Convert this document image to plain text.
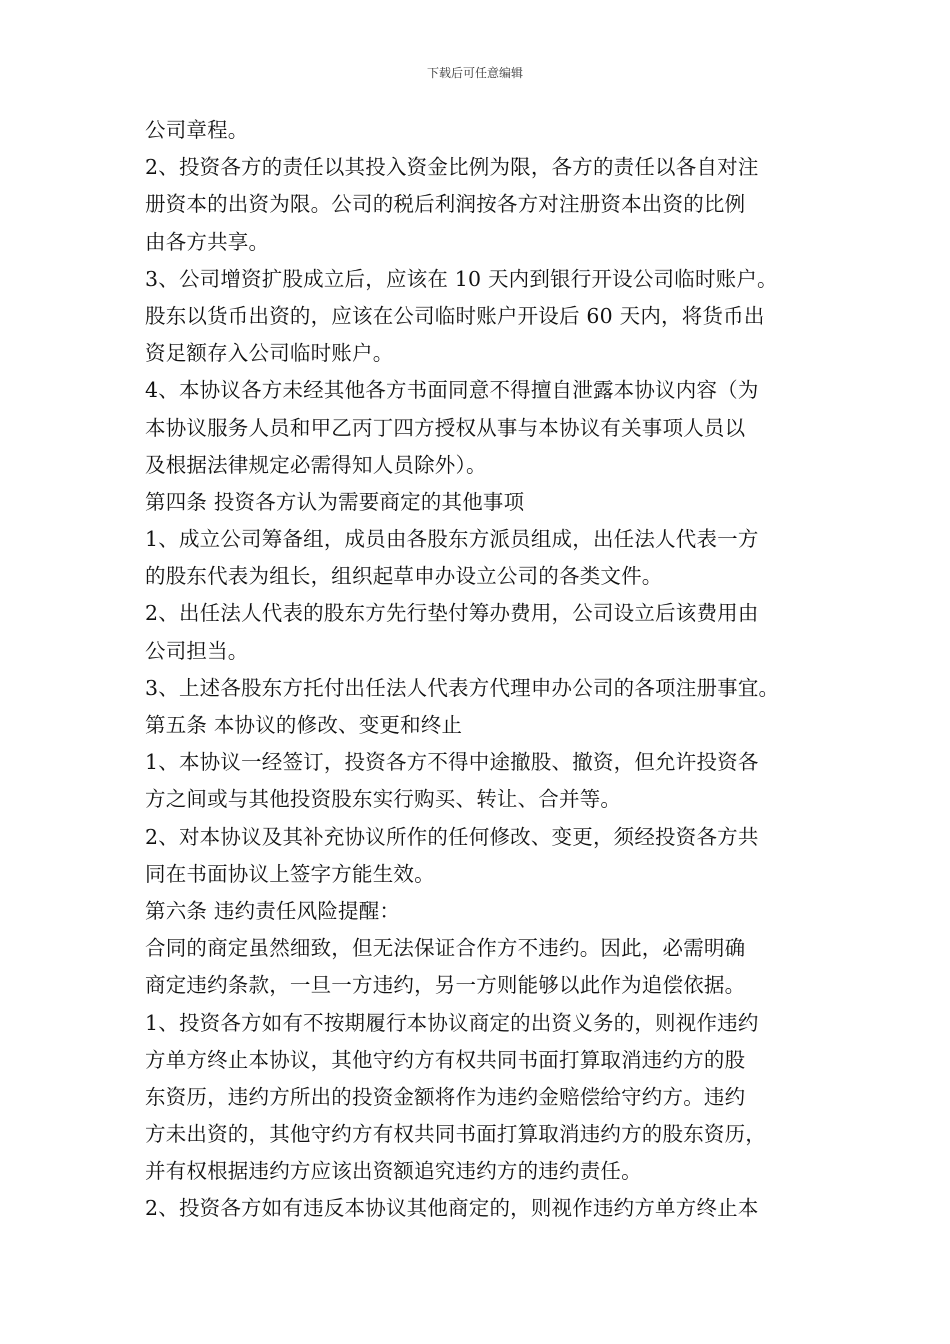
下载后可任意编辑
公司章程。
2、投资各方的责任以其投入资金比例为限，各方的责任以各自对注
册资本的出资为限。公司的税后利润按各方对注册资本出资的比例
由各方共享。
3、公司增资扩股成立后，应该在 10 天内到银行开设公司临时账户。
股东以货币出资的，应该在公司临时账户开设后 60 天内，将货币出
资足额存入公司临时账户。
4、本协议各方未经其他各方书面同意不得擅自泄露本协议内容（为
本协议服务人员和甲乙丙丁四方授权从事与本协议有关事项人员以
及根据法律规定必需得知人员除外）。
第四条 投资各方认为需要商定的其他事项
1、成立公司筹备组，成员由各股东方派员组成，出任法人代表一方
的股东代表为组长，组织起草申办设立公司的各类文件。
2、出任法人代表的股东方先行垫付筹办费用，公司设立后该费用由
公司担当。
3、上述各股东方托付出任法人代表方代理申办公司的各项注册事宜。
第五条 本协议的修改、变更和终止
1、本协议一经签订，投资各方不得中途撤股、撤资，但允许投资各
方之间或与其他投资股东实行购买、转让、合并等。
2、对本协议及其补充协议所作的任何修改、变更，须经投资各方共
同在书面协议上签字方能生效。
第六条 违约责任风险提醒：
合同的商定虽然细致，但无法保证合作方不违约。因此，必需明确
商定违约条款，一旦一方违约，另一方则能够以此作为追偿依据。
1、投资各方如有不按期履行本协议商定的出资义务的，则视作违约
方单方终止本协议，其他守约方有权共同书面打算取消违约方的股
东资历，违约方所出的投资金额将作为违约金赔偿给守约方。违约
方未出资的，其他守约方有权共同书面打算取消违约方的股东资历，
并有权根据违约方应该出资额追究违约方的违约责任。
2、投资各方如有违反本协议其他商定的，则视作违约方单方终止本
